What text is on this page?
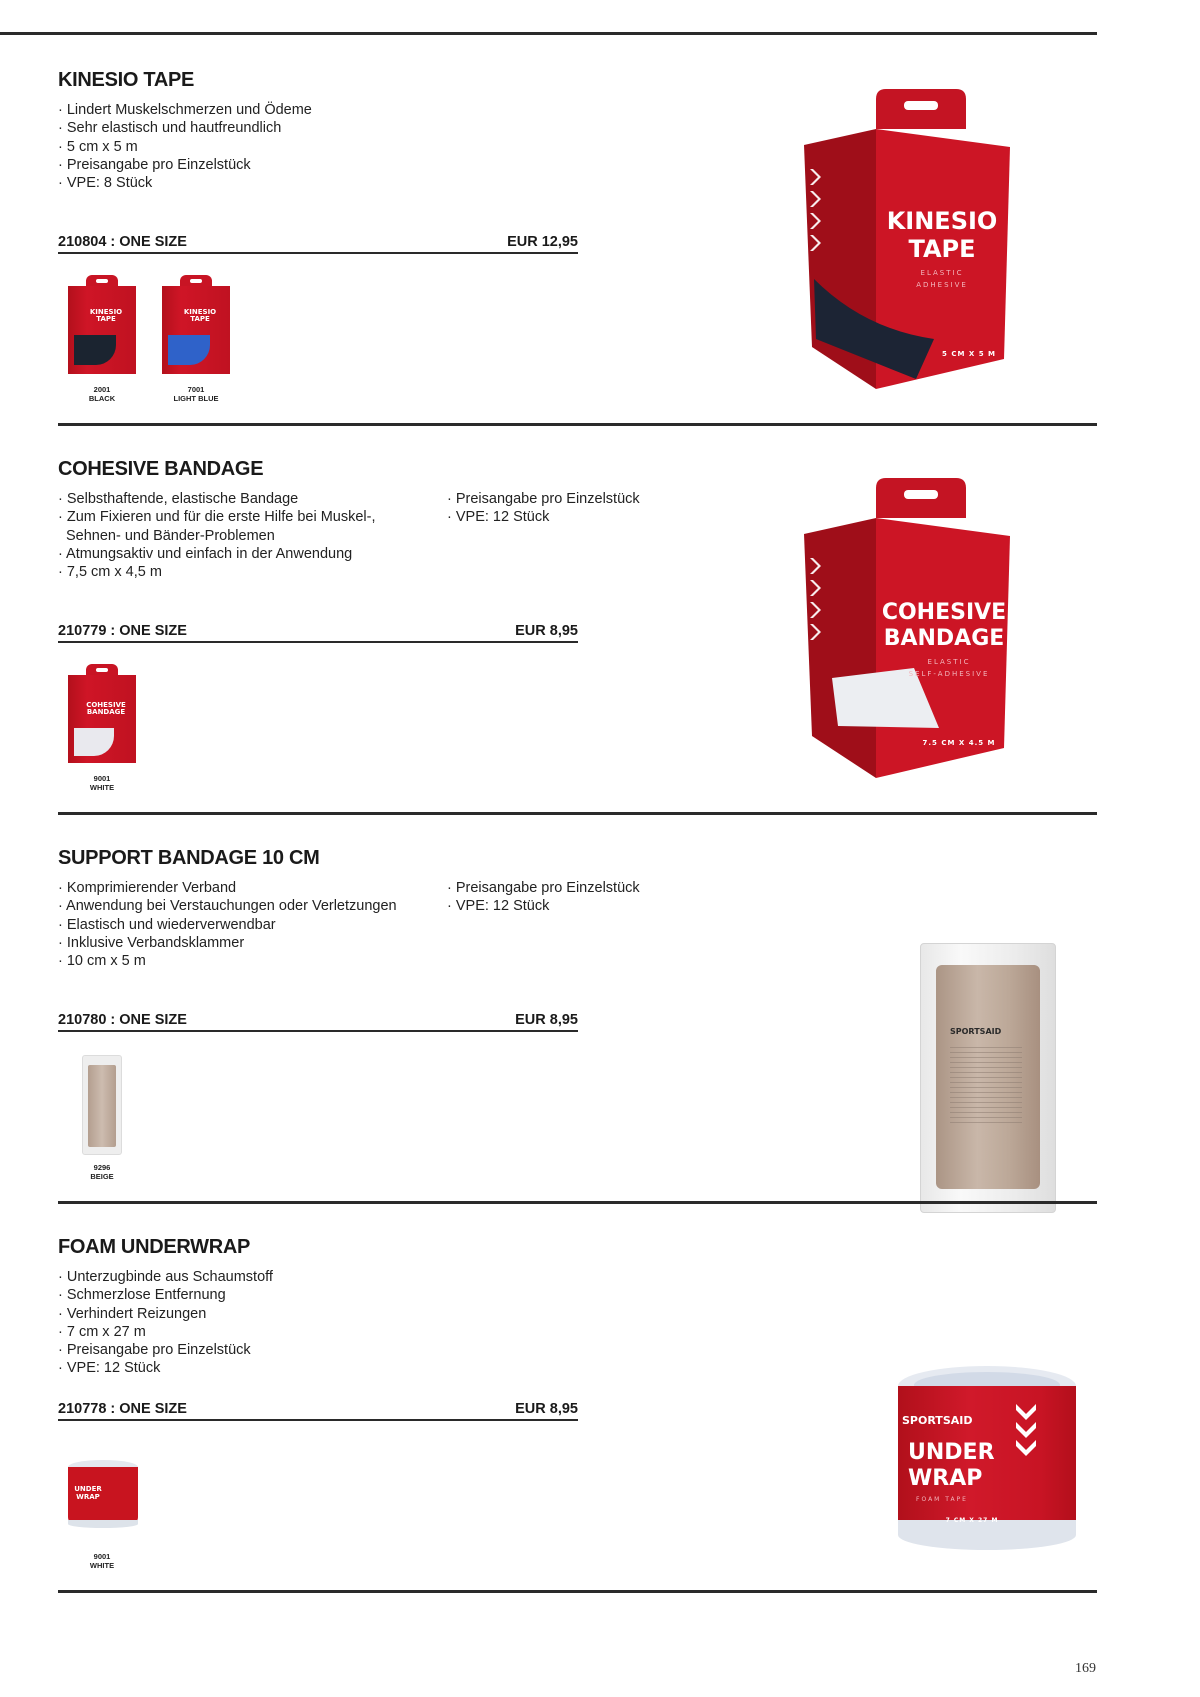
KINESIO TAPE
· Lindert Muskelschmerzen und Ödeme
· Sehr elastisch und hautfreundlich
· 5 cm x 5 m
· Preisangabe pro Einzelstück
· VPE: 8 Stück
210804 : ONE SIZE	EUR 12,95
KINESIO TAPE
2001
BLACK
KINESIO TAPE
7001
LIGHT BLUE
KINESIO
TAPE
ELASTIC
ADHESIVE
5 CM X 5 M
COHESIVE BANDAGE
· Selbsthaftende, elastische Bandage
· Zum Fixieren und für die erste Hilfe bei Muskel-, Sehnen- und Bänder-Problemen
· Atmungsaktiv und einfach in der Anwendung
· 7,5 cm x 4,5 m
· Preisangabe pro Einzelstück
· VPE: 12 Stück
210779 : ONE SIZE	EUR 8,95
COHESIVE BANDAGE
9001
WHITE
COHESIVE
BANDAGE
ELASTIC
SELF-ADHESIVE
7.5 CM X 4.5 M
SUPPORT BANDAGE 10 CM
· Komprimierender Verband
· Anwendung bei Verstauchungen oder Verletzungen
· Elastisch und wiederverwendbar
· Inklusive Verbandsklammer
· 10 cm x 5 m
· Preisangabe pro Einzelstück
· VPE: 12 Stück
210780 : ONE SIZE	EUR 8,95
9296
BEIGE
SPORTSAID
FOAM UNDERWRAP
· Unterzugbinde aus Schaumstoff
· Schmerzlose Entfernung
· Verhindert Reizungen
· 7 cm x 27 m
· Preisangabe pro Einzelstück
· VPE: 12 Stück
210778 : ONE SIZE	EUR 8,95
UNDER WRAP
9001
WHITE
SPORTSAID
UNDER
WRAP
FOAM TAPE
7 CM X 27 M
169
